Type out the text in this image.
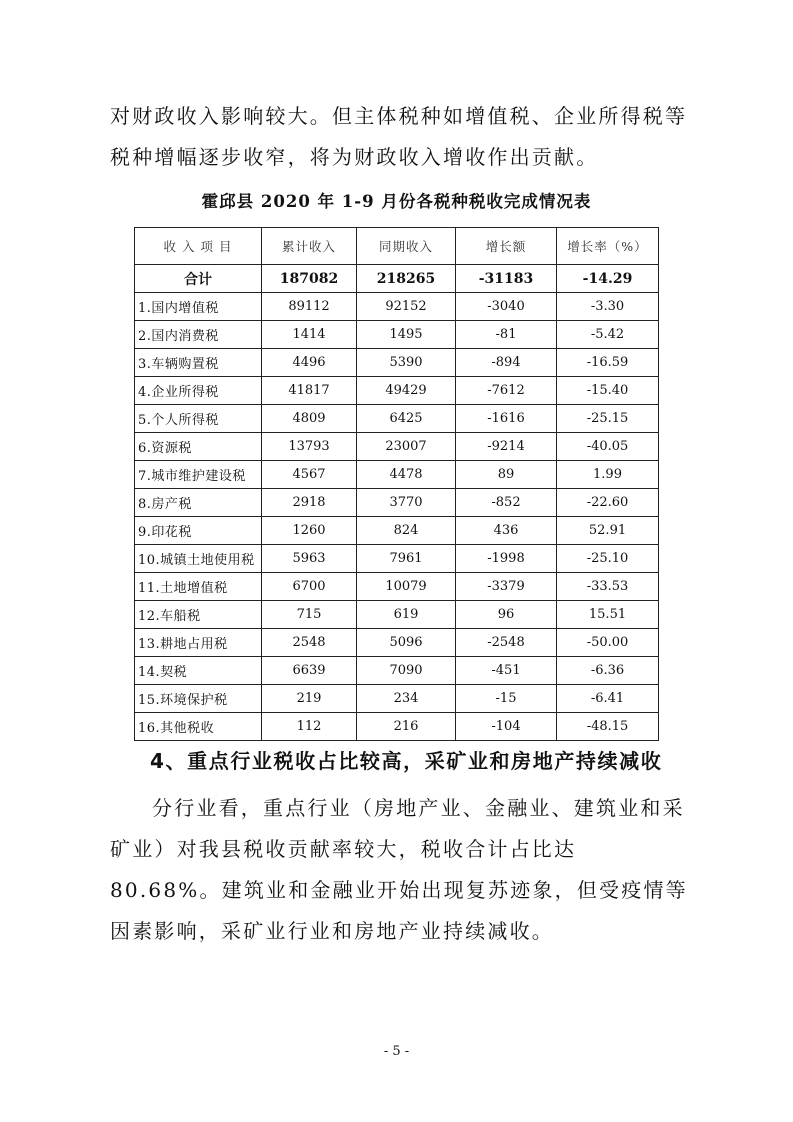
对财政收入影响较大。但主体税种如增值税、企业所得税等税种增幅逐步收窄，将为财政收入增收作出贡献。

霍邱县 2020 年 1-9 月份各税种税收完成情况表
收 入 项 目	累计收入	同期收入	增长额	增长率（%）
合计	187082	218265	-31183	-14.29
1.国内增值税	89112	92152	-3040	-3.30
2.国内消费税	1414	1495	-81	-5.42
3.车辆购置税	4496	5390	-894	-16.59
4.企业所得税	41817	49429	-7612	-15.40
5.个人所得税	4809	6425	-1616	-25.15
6.资源税	13793	23007	-9214	-40.05
7.城市维护建设税	4567	4478	89	1.99
8.房产税	2918	3770	-852	-22.60
9.印花税	1260	824	436	52.91
10.城镇土地使用税	5963	7961	-1998	-25.10
11.土地增值税	6700	10079	-3379	-33.53
12.车船税	715	619	96	15.51
13.耕地占用税	2548	5096	-2548	-50.00
14.契税	6639	7090	-451	-6.36
15.环境保护税	219	234	-15	-6.41
16.其他税收	112	216	-104	-48.15
4、重点行业税收占比较高，采矿业和房地产持续减收

分行业看，重点行业（房地产业、金融业、建筑业和采矿业）对我县税收贡献率较大，税收合计占比达 80.68%。建筑业和金融业开始出现复苏迹象，但受疫情等因素影响，采矿业行业和房地产业持续减收。

- 5 -
